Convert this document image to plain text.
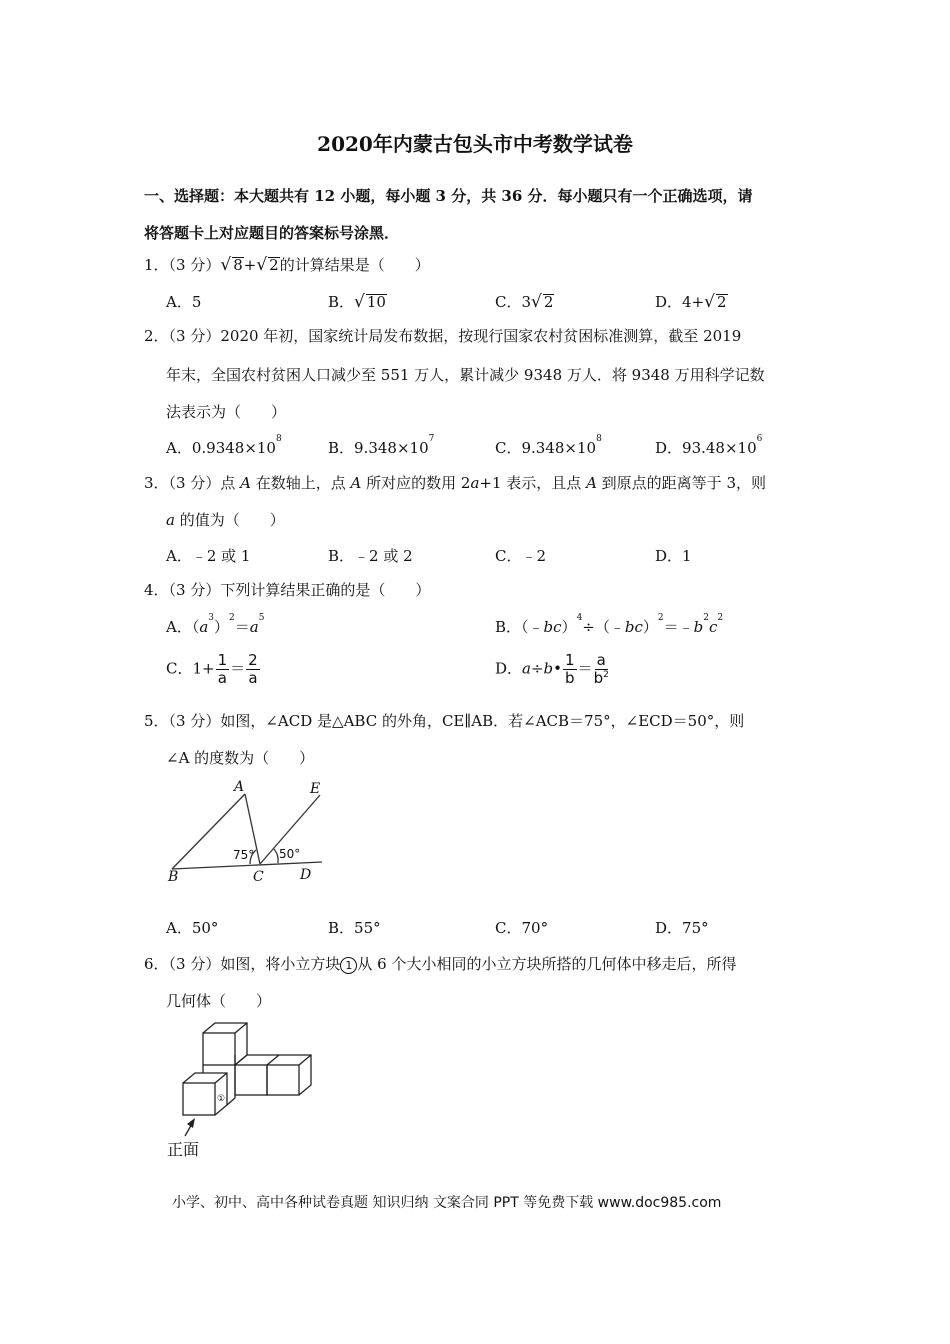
2020年内蒙古包头市中考数学试卷
一、选择题：本大题共有 12 小题，每小题 3 分，共 36 分．每小题只有一个正确选项，请
将答题卡上对应题目的答案标号涂黑．
1．（3 分）√ 8+√ 2的计算结果是（　　）
A．5	B．√ 10	C．3√ 2	D．4+√ 2
2．（3 分）2020 年初，国家统计局发布数据，按现行国家农村贫困标准测算，截至 2019
年末，全国农村贫困人口减少至 551 万人，累计减少 9348 万人．将 9348 万用科学记数
法表示为（　　）
A．$0.9348\times 10^8$	B．$9.348\times 10^7$	C．$9.348\times 10^8$	D．$93.48\times 10^6$
3．（3 分）点 A 在数轴上，点 A 所对应的数用 2a+1 表示，且点 A 到原点的距离等于 3，则
a 的值为（　　）
A．﹣2 或 1	B．﹣2 或 2	C．﹣2	D．1
4．（3 分）下列计算结果正确的是（　　）
A．$(a^3)^2=a^5$	B．$(﹣bc)^4\div(﹣bc)^2=﹣b^2c^2$
C．$1+ \frac{1}{a} = \frac{2}{a}$	D．a÷b• $\frac{1}{b} = \frac{a}{b^2}$
5．（3 分）如图，∠ACD 是△ABC 的外角，CE∥AB．若∠ACB＝75°，∠ECD＝50°，则
∠A 的度数为（　　）
A	E
B	C	D
75° 50°
A．50°	B．55°	C．70°	D．75°
6．（3 分）如图，将小立方块 1 从 6 个大小相同的小立方块所搭的几何体中移走后，所得
几何体（　　）
①
正面
小学、初中、高中各种试卷真题 知识归纳 文案合同 PPT 等免费下载 www.doc985.com
